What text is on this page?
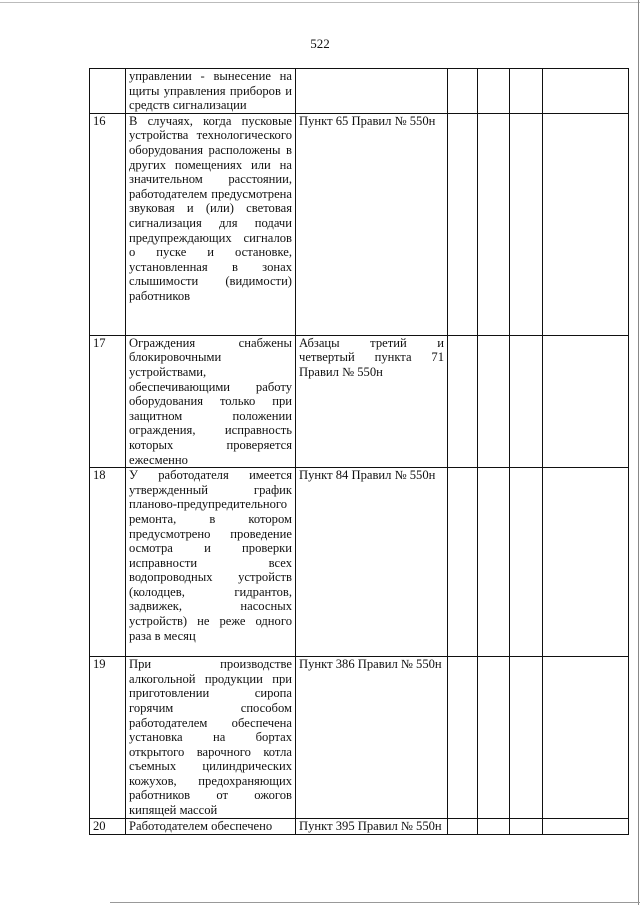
522
	управлении - вынесение на щиты управления приборов и средств сигнализации					
16	В случаях, когда пусковые устройства технологического оборудования расположены в других помещениях или на значительном расстоянии, работодателем предусмотрена звуковая и (или) световая сигнализация для подачи предупреждающих сигналов о пуске и остановке, установленная в зонах слышимости (видимости) работников	Пункт 65 Правил № 550н				
17	Ограждения снабжены блокировочными устройствами, обеспечивающими работу оборудования только при защитном положении ограждения, исправность которых проверяется ежесменно	Абзацы третий и четвертый пункта 71 Правил № 550н				
18	У работодателя имеется утвержденный график планово-предупредительного ремонта, в котором предусмотрено проведение осмотра и проверки исправности всех водопроводных устройств (колодцев, гидрантов, задвижек, насосных устройств) не реже одного раза в месяц	Пункт 84 Правил № 550н				
19	При производстве алкогольной продукции при приготовлении сиропа горячим способом работодателем обеспечена установка на бортах открытого варочного котла съемных цилиндрических кожухов, предохраняющих работников от ожогов кипящей массой	Пункт 386 Правил № 550н				
20	Работодателем обеспечено	Пункт 395 Правил № 550н				
